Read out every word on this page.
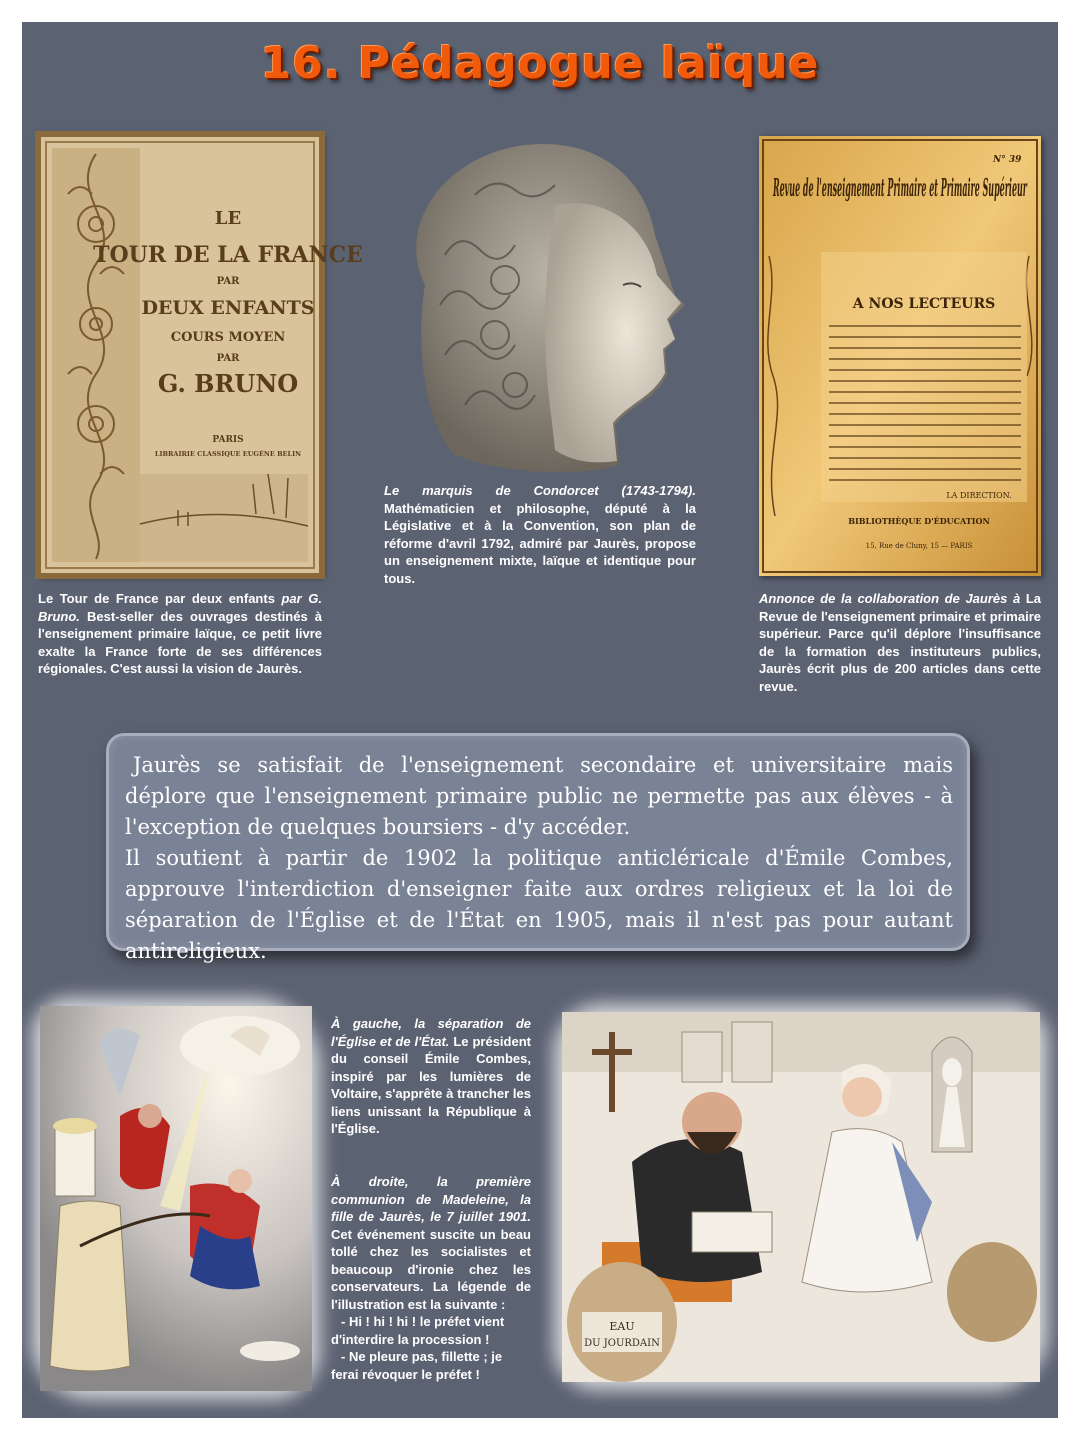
16. Pédagogue laïque
LE
TOUR DE LA FRANCE
PAR
DEUX ENFANTS
COURS MOYEN
PAR
G. BRUNO
PARIS
LIBRAIRIE CLASSIQUE EUGÈNE BELIN
Revue de l'enseignement Primaire et Primaire Supérieur
N° 39
A NOS LECTEURS
LA DIRECTION.
BIBLIOTHÈQUE D'ÉDUCATION
15, Rue de Cluny, 15 — PARIS

Le marquis de Condorcet (1743-1794). Mathématicien et philosophe, député à la Législative et à la Convention, son plan de réforme d'avril 1792, admiré par Jaurès, propose un enseignement mixte, laïque et identique pour tous.

Le Tour de France par deux enfants par G. Bruno. Best-seller des ouvrages destinés à l'enseignement primaire laïque, ce petit livre exalte la France forte de ses différences régionales. C'est aussi la vision de Jaurès.

Annonce de la collaboration de Jaurès à La Revue de l'enseignement primaire et primaire supérieur. Parce qu'il déplore l'insuffisance de la formation des instituteurs publics, Jaurès écrit plus de 200 articles dans cette revue.

Jaurès se satisfait de l'enseignement secondaire et universitaire mais déplore que l'enseignement primaire public ne permette pas aux élèves - à l'exception de quelques boursiers - d'y accéder.

Il soutient à partir de 1902 la politique anticléricale d'Émile Combes, approuve l'interdiction d'enseigner faite aux ordres religieux et la loi de séparation de l'Église et de l'État en 1905, mais il n'est pas pour autant antireligieux.

À gauche, la séparation de l'Église et de l'État. Le président du conseil Émile Combes, inspiré par les lumières de Voltaire, s'apprête à trancher les liens unissant la République à l'Église.

À droite, la première communion de Madeleine, la fille de Jaurès, le 7 juillet 1901. Cet événement suscite un beau tollé chez les socialistes et beaucoup d'ironie chez les conservateurs. La légende de l'illustration est la suivante :
- Hi ! hi ! hi ! le préfet vient d'interdire la procession !
- Ne pleure pas, fillette ; je ferai révoquer le préfet !
EAU
DU JOURDAIN
